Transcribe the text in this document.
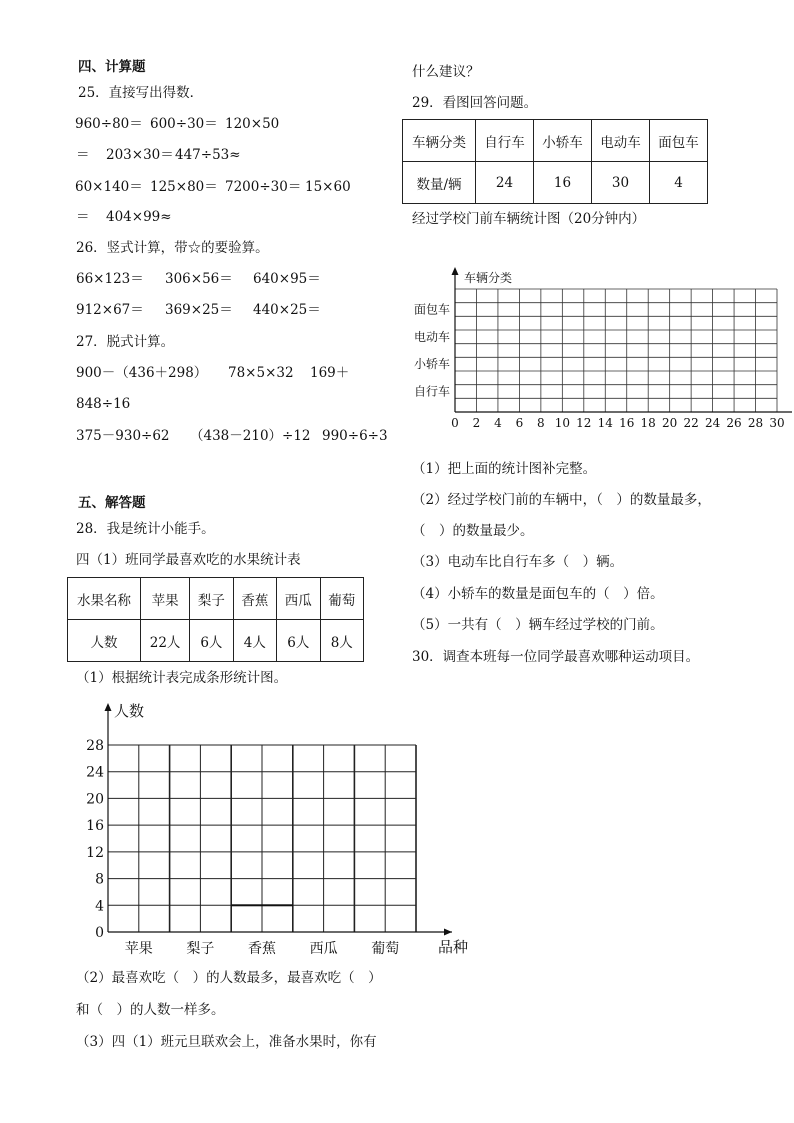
四、计算题
25．直接写出得数．
960÷80＝ 600÷30＝ 120×50
＝ 203×30＝ 447÷53≈
60×140＝ 125×80＝ 7200÷30＝ 15×60
＝ 404×99≈
26．竖式计算，带☆的要验算。
66×123＝ 306×56＝ 640×95＝
912×67＝ 369×25＝ 440×25＝
27．脱式计算。
900－（436＋298） 78×5×32 169＋
848÷16
375－930÷62 （438－210）÷12 990÷6÷3
五、解答题
28．我是统计小能手。
四（1）班同学最喜欢吃的水果统计表
水果名称	苹果	梨子	香蕉	西瓜	葡萄
人数	22人	6人	4人	6人	8人
（1）根据统计表完成条形统计图。
人数
品种
0
4
8
12
16
20
24
28
苹果 梨子 香蕉 西瓜 葡萄
（2）最喜欢吃（　）的人数最多，最喜欢吃（　）
和（　）的人数一样多。
（3）四（1）班元旦联欢会上，准备水果时，你有
什么建议？
29．看图回答问题。
车辆分类	自行车	小轿车	电动车	面包车
数量/辆	24	16	30	4
经过学校门前车辆统计图（20分钟内）
车辆分类
0 2 4 6 8 10 12 14 16 18 20 22 24 26 28 30
自行车
小轿车
电动车
面包车
（1）把上面的统计图补完整。
（2）经过学校门前的车辆中，（　）的数量最多，
（　）的数量最少。
（3）电动车比自行车多（　）辆。
（4）小轿车的数量是面包车的（　）倍。
（5）一共有（　）辆车经过学校的门前。
30．调查本班每一位同学最喜欢哪种运动项目。
